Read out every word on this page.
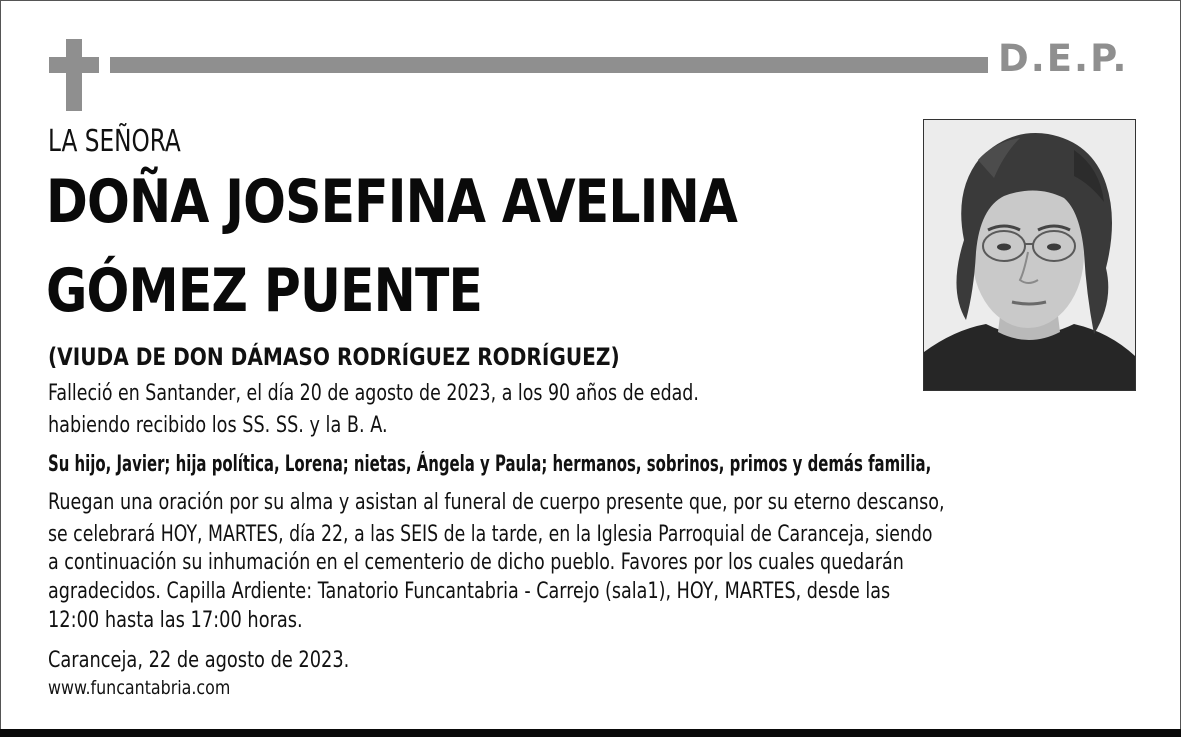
D.E.P.
LA SEÑORA
DOÑA JOSEFINA AVELINA
GÓMEZ PUENTE
(VIUDA DE DON DÁMASO RODRÍGUEZ RODRÍGUEZ)
Falleció en Santander, el día 20 de agosto de 2023, a los 90 años de edad.
habiendo recibido los SS. SS. y la B. A.
Su hijo, Javier; hija política, Lorena; nietas, Ángela y Paula; hermanos, sobrinos, primos y demás familia,
Ruegan una oración por su alma y asistan al funeral de cuerpo presente que, por su eterno descanso,
se celebrará HOY, MARTES, día 22, a las SEIS de la tarde, en la Iglesia Parroquial de Caranceja, siendo
a continuación su inhumación en el cementerio de dicho pueblo. Favores por los cuales quedarán
agradecidos. Capilla Ardiente: Tanatorio Funcantabria - Carrejo (sala1), HOY, MARTES, desde las
12:00 hasta las 17:00 horas.
Caranceja, 22 de agosto de 2023.
www.funcantabria.com
